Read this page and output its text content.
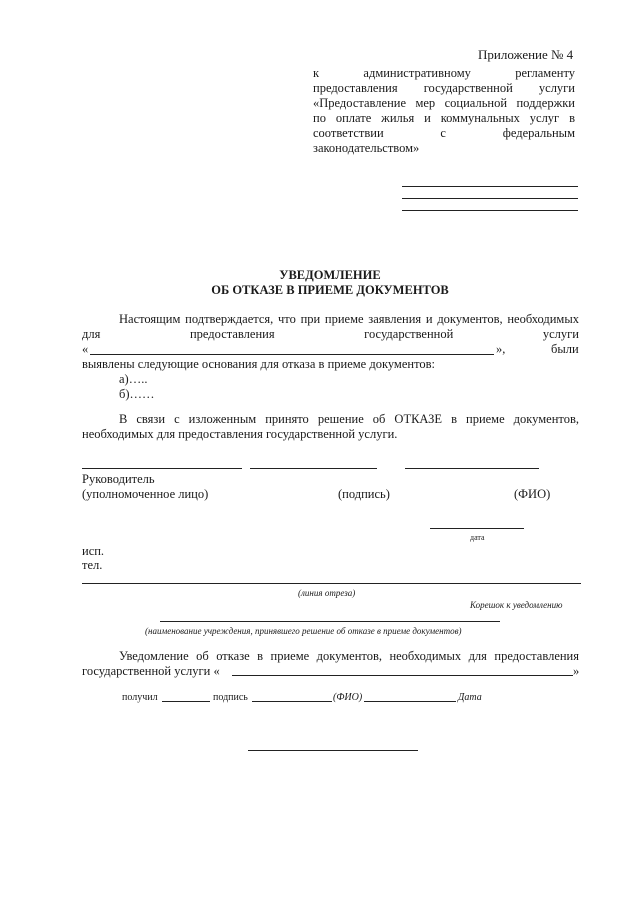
Приложение № 4
к административному регламенту
предоставления государственной услуги
«Предоставление мер социальной поддержки
по оплате жилья и коммунальных услуг в
соответствии с федеральным
законодательством»
УВЕДОМЛЕНИЕ
ОБ ОТКАЗЕ В ПРИЕМЕ ДОКУМЕНТОВ
Настоящим подтверждается, что при приеме заявления и документов, необходимых
для предоставления государственной услуги
«	»,	были
выявлены следующие основания для отказа в приеме документов:
а)…..
б)……
В связи с изложенным принято решение об ОТКАЗЕ в приеме документов,
необходимых для предоставления государственной услуги.
Руководитель
(уполномоченное лицо)	(подпись)	(ФИО)
дата
исп.
тел.
(линия отреза)
Корешок к уведомлению
(наименование учреждения, принявшего решение об отказе в приеме документов)
Уведомление об отказе в приеме документов, необходимых для предоставления
государственной услуги «	»
получил	подпись	(ФИО)	Дата
